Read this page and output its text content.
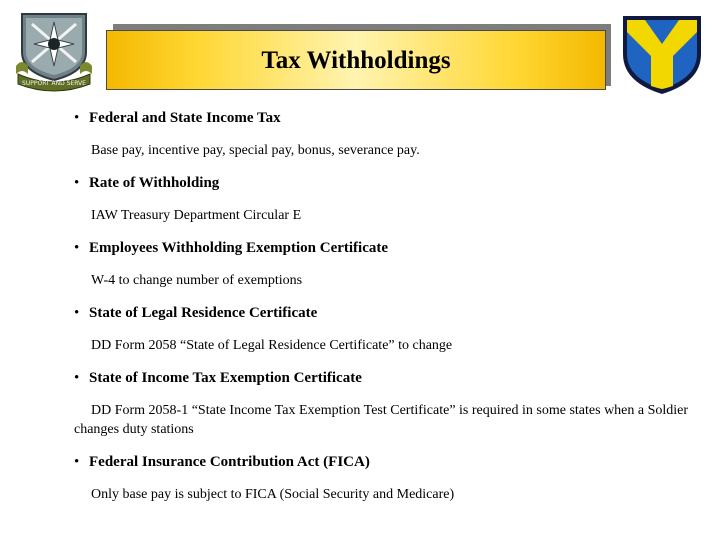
SUPPORT AND SERVE
Tax Withholdings
• Federal and State Income Tax
Base pay, incentive pay, special pay, bonus, severance pay.
• Rate of Withholding
IAW Treasury Department Circular E
• Employees Withholding Exemption Certificate
W-4 to change number of exemptions
• State of Legal Residence Certificate
DD Form 2058 “State of Legal Residence Certificate” to change
• State of Income Tax Exemption Certificate
DD Form 2058-1 “State Income Tax Exemption Test Certificate” is required in some states when a Soldier changes duty stations
• Federal Insurance Contribution Act (FICA)
Only base pay is subject to FICA (Social Security and Medicare)
